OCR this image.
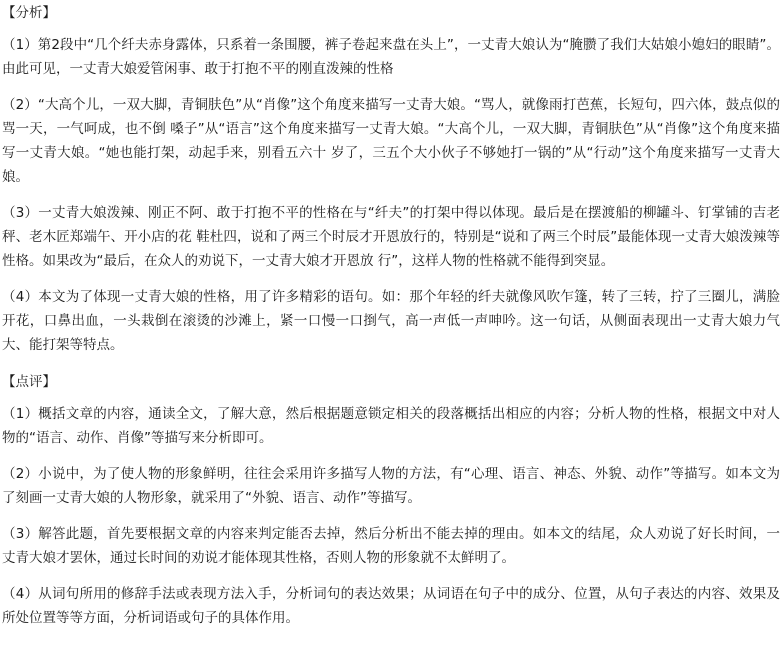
【分析】

（1）第2段中“几个纤夫赤身露体，只系着一条围腰，裤子卷起来盘在头上”，一丈青大娘认为“腌臜了我们大姑娘小媳妇的眼睛”。由此可见，一丈青大娘爱管闲事、敢于打抱不平的刚直泼辣的性格

（2）“大高个儿，一双大脚，青铜肤色”从“肖像”这个角度来描写一丈青大娘。“骂人，就像雨打芭蕉，长短句，四六体，鼓点似的骂一天，一气呵成，也不倒 嗓子”从“语言”这个角度来描写一丈青大娘。“大高个儿，一双大脚，青铜肤色”从“肖像”这个角度来描写一丈青大娘。“她也能打架，动起手来，别看五六十 岁了，三五个大小伙子不够她打一锅的”从“行动”这个角度来描写一丈青大娘。

（3）一丈青大娘泼辣、刚正不阿、敢于打抱不平的性格在与“纤夫”的打架中得以体现。最后是在摆渡船的柳罐斗、钉掌铺的吉老秤、老木匠郑端午、开小店的花 鞋杜四，说和了两三个时辰才开恩放行的，特别是“说和了两三个时辰”最能体现一丈青大娘泼辣等性格。如果改为“最后，在众人的劝说下，一丈青大娘才开恩放 行”，这样人物的性格就不能得到突显。

（4）本文为了体现一丈青大娘的性格，用了许多精彩的语句。如：那个年轻的纤夫就像风吹乍篷，转了三转，拧了三圈儿，满脸开花，口鼻出血，一头栽倒在滚烫的沙滩上，紧一口慢一口捯气，高一声低一声呻吟。这一句话，从侧面表现出一丈青大娘力气大、能打架等特点。

【点评】

（1）概括文章的内容，通读全文，了解大意，然后根据题意锁定相关的段落概括出相应的内容；分析人物的性格，根据文中对人物的“语言、动作、肖像”等描写来分析即可。

（2）小说中，为了使人物的形象鲜明，往往会采用许多描写人物的方法，有“心理、语言、神态、外貌、动作”等描写。如本文为了刻画一丈青大娘的人物形象，就采用了“外貌、语言、动作”等描写。

（3）解答此题，首先要根据文章的内容来判定能否去掉，然后分析出不能去掉的理由。如本文的结尾，众人劝说了好长时间，一丈青大娘才罢休，通过长时间的劝说才能体现其性格，否则人物的形象就不太鲜明了。

（4）从词句所用的修辞手法或表现方法入手，分析词句的表达效果；从词语在句子中的成分、位置，从句子表达的内容、效果及所处位置等等方面，分析词语或句子的具体作用。
